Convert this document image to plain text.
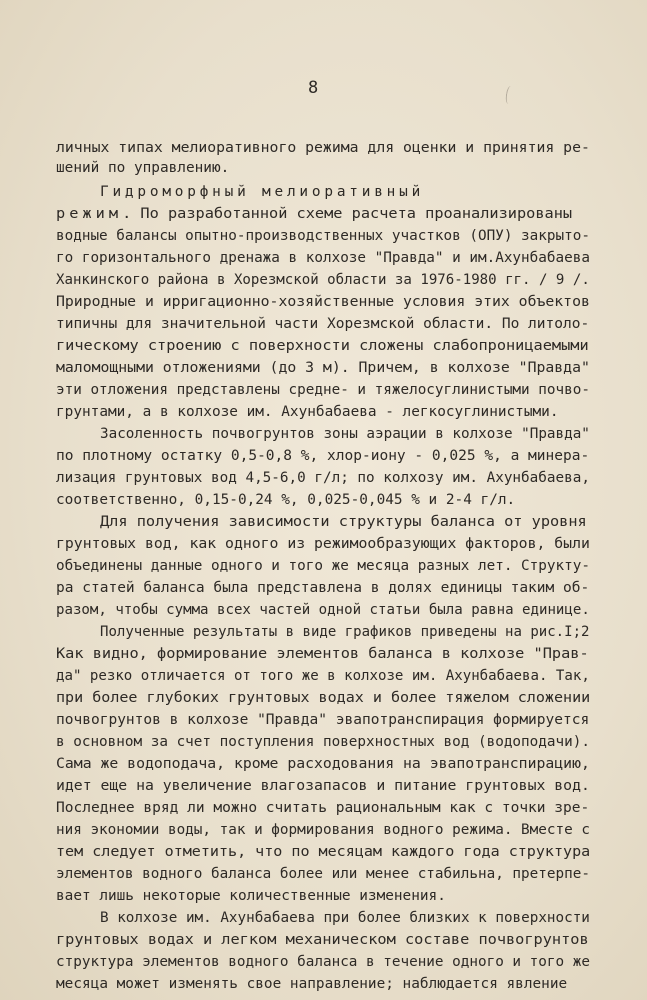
8
личных типах мелиоративного режима для оценки и принятия ре-
шений по управлению.
Гидроморфный мелиоративный
режим. По разработанной схеме расчета проанализированы
водные балансы опытно-производственных участков (ОПУ) закрыто-
го горизонтального дренажа в колхозе "Правда" и им.Ахунбабаева
Ханкинского района в Хорезмской области за 1976-1980 гг. / 9 /.
Природные и ирригационно-хозяйственные условия этих объектов
типичны для значительной части Хорезмской области. По литоло-
гическому строению с поверхности сложены слабопроницаемыми
маломощными отложениями (до 3 м). Причем, в колхозе "Правда"
эти отложения представлены средне- и тяжелосуглинистыми почво-
грунтами, а в колхозе им. Ахунбабаева - легкосуглинистыми.
Засоленность почвогрунтов зоны аэрации в колхозе "Правда"
по плотному остатку 0,5-0,8 %, хлор-иону - 0,025 %, а минера-
лизация грунтовых вод 4,5-6,0 г/л; по колхозу им. Ахунбабаева,
соответственно, 0,15-0,24 %, 0,025-0,045 % и 2-4 г/л.
Для получения зависимости структуры баланса от уровня
грунтовых вод, как одного из режимообразующих факторов, были
объединены данные одного и того же месяца разных лет. Структу-
ра статей баланса была представлена в долях единицы таким об-
разом, чтобы сумма всех частей одной статьи была равна единице.
Полученные результаты в виде графиков приведены на рис.I;2
Как видно, формирование элементов баланса в колхозе "Прав-
да" резко отличается от того же в колхозе им. Ахунбабаева. Так,
при более глубоких грунтовых водах и более тяжелом сложении
почвогрунтов в колхозе "Правда" эвапотранспирация формируется
в основном за счет поступления поверхностных вод (водоподачи).
Сама же водоподача, кроме расходования на эвапотранспирацию,
идет еще на увеличение влагозапасов и питание грунтовых вод.
Последнее вряд ли можно считать рациональным как с точки зре-
ния экономии воды, так и формирования водного режима. Вместе с
тем следует отметить, что по месяцам каждого года структура
элементов водного баланса более или менее стабильна, претерпе-
вает лишь некоторые количественные изменения.
В колхозе им. Ахунбабаева при более близких к поверхности
грунтовых водах и легком механическом составе почвогрунтов
структура элементов водного баланса в течение одного и того же
месяца может изменять свое направление; наблюдается явление
